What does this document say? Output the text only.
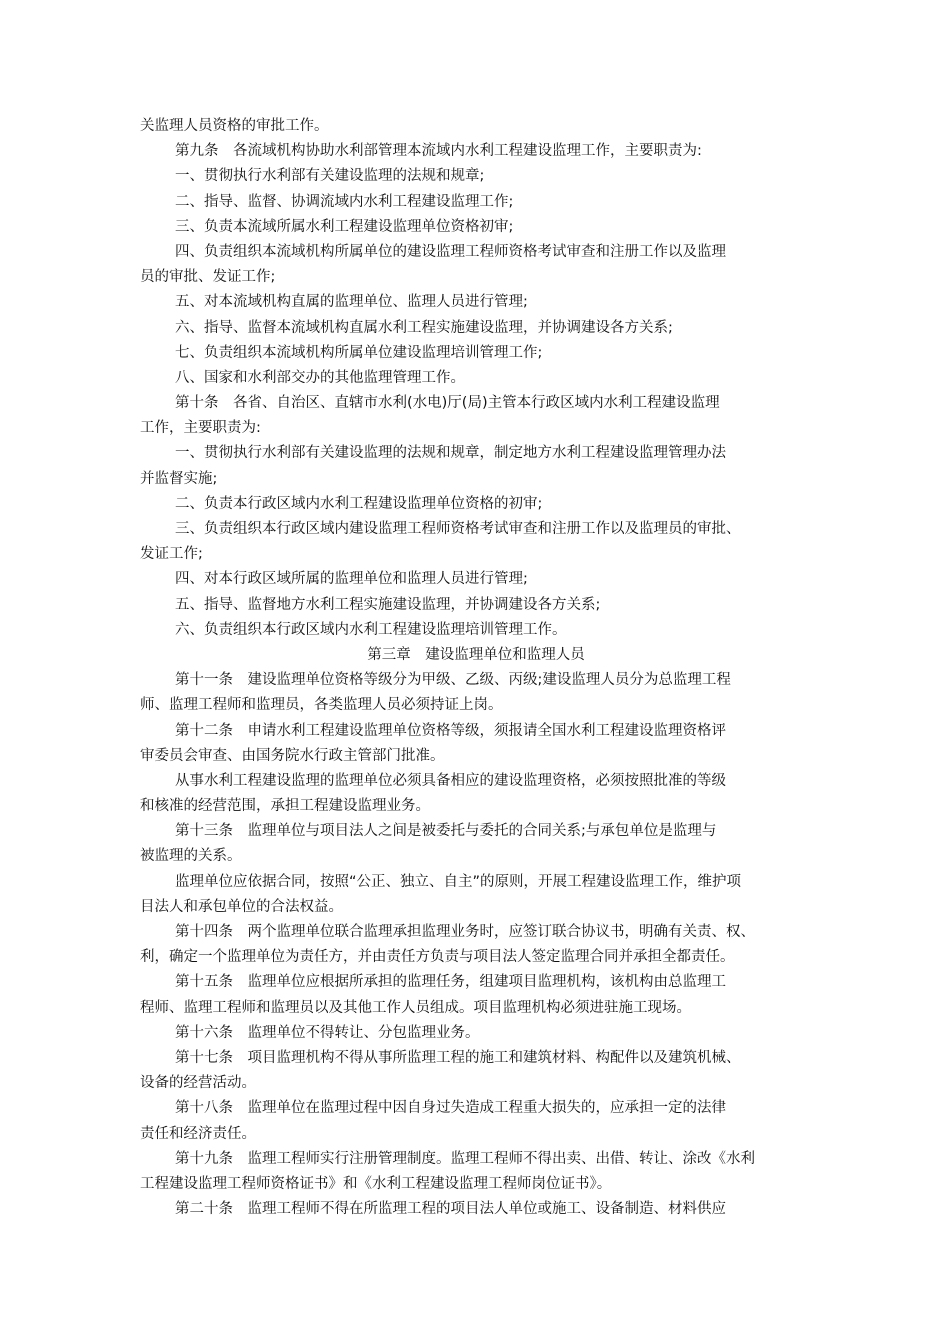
关监理人员资格的审批工作。
第九条　各流域机构协助水利部管理本流域内水利工程建设监理工作，主要职责为:
一、贯彻执行水利部有关建设监理的法规和规章;
二、指导、监督、协调流域内水利工程建设监理工作;
三、负责本流域所属水利工程建设监理单位资格初审;
四、负责组织本流域机构所属单位的建设监理工程师资格考试审查和注册工作以及监理
员的审批、发证工作;
五、对本流域机构直属的监理单位、监理人员进行管理;
六、指导、监督本流域机构直属水利工程实施建设监理，并协调建设各方关系;
七、负责组织本流域机构所属单位建设监理培训管理工作;
八、国家和水利部交办的其他监理管理工作。
第十条　各省、自治区、直辖市水利(水电)厅(局)主管本行政区域内水利工程建设监理
工作，主要职责为:
一、贯彻执行水利部有关建设监理的法规和规章，制定地方水利工程建设监理管理办法
并监督实施;
二、负责本行政区域内水利工程建设监理单位资格的初审;
三、负责组织本行政区域内建设监理工程师资格考试审查和注册工作以及监理员的审批、
发证工作;
四、对本行政区域所属的监理单位和监理人员进行管理;
五、指导、监督地方水利工程实施建设监理，并协调建设各方关系;
六、负责组织本行政区域内水利工程建设监理培训管理工作。
第三章　建设监理单位和监理人员
第十一条　建设监理单位资格等级分为甲级、乙级、丙级;建设监理人员分为总监理工程
师、监理工程师和监理员，各类监理人员必须持证上岗。
第十二条　申请水利工程建设监理单位资格等级，须报请全国水利工程建设监理资格评
审委员会审查、由国务院水行政主管部门批准。
从事水利工程建设监理的监理单位必须具备相应的建设监理资格，必须按照批准的等级
和核准的经营范围，承担工程建设监理业务。
第十三条　监理单位与项目法人之间是被委托与委托的合同关系;与承包单位是监理与
被监理的关系。
监理单位应依据合同，按照“公正、独立、自主”的原则，开展工程建设监理工作，维护项
目法人和承包单位的合法权益。
第十四条　两个监理单位联合监理承担监理业务时，应签订联合协议书，明确有关责、权、
利，确定一个监理单位为责任方，并由责任方负责与项目法人签定监理合同并承担全都责任。
第十五条　监理单位应根据所承担的监理任务，组建项目监理机构，该机构由总监理工
程师、监理工程师和监理员以及其他工作人员组成。项目监理机构必须进驻施工现场。
第十六条　监理单位不得转让、分包监理业务。
第十七条　项目监理机构不得从事所监理工程的施工和建筑材料、构配件以及建筑机械、
设备的经营活动。
第十八条　监理单位在监理过程中因自身过失造成工程重大损失的，应承担一定的法律
责任和经济责任。
第十九条　监理工程师实行注册管理制度。监理工程师不得出卖、出借、转让、涂改《水利
工程建设监理工程师资格证书》和《水利工程建设监理工程师岗位证书》。
第二十条　监理工程师不得在所监理工程的项目法人单位或施工、设备制造、材料供应
